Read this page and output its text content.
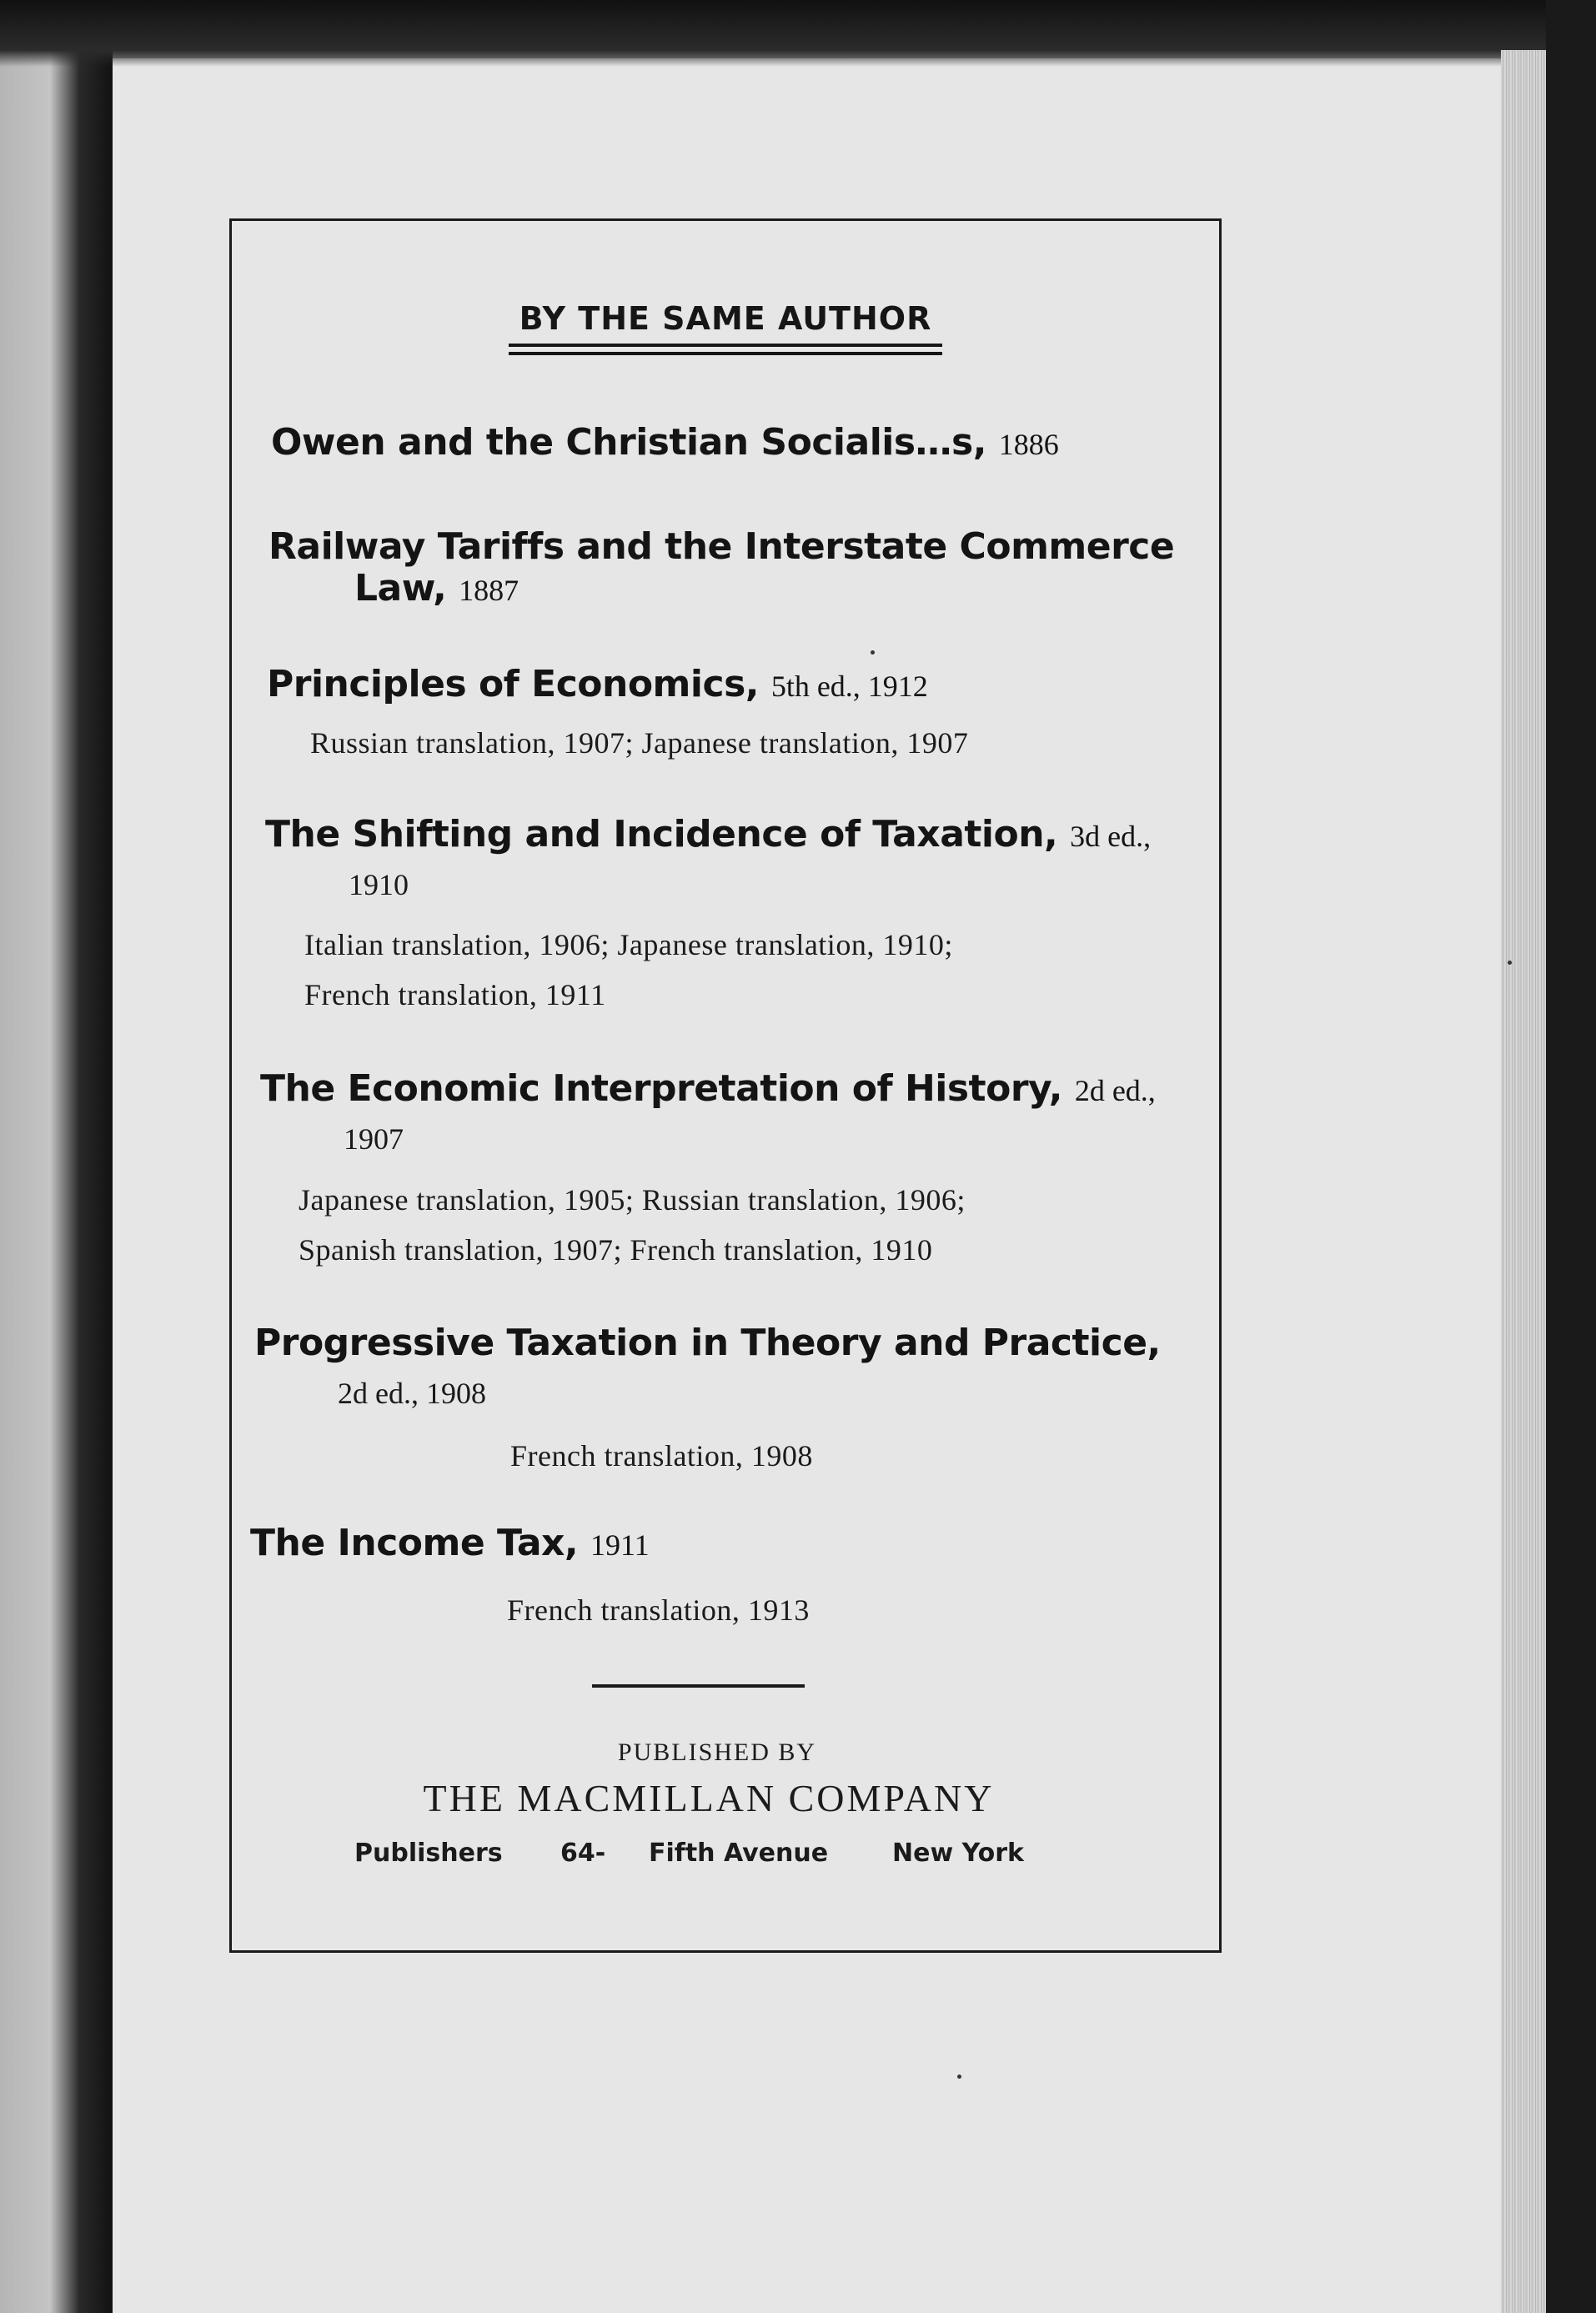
BY THE SAME AUTHOR
Owen and the Christian Socialis…s, 1886
Railway Tariffs and the Interstate Commerce
Law, 1887
Principles of Economics, 5th ed., 1912
Russian translation, 1907; Japanese translation, 1907
The Shifting and Incidence of Taxation, 3d ed.,
1910
Italian translation, 1906; Japanese translation, 1910;
French translation, 1911
The Economic Interpretation of History, 2d ed.,
1907
Japanese translation, 1905; Russian translation, 1906;
Spanish translation, 1907; French translation, 1910
Progressive Taxation in Theory and Practice,
2d ed., 1908
French translation, 1908
The Income Tax, 1911
French translation, 1913
PUBLISHED BY
THE MACMILLAN COMPANY
Publishers 64- Fifth Avenue	New York
